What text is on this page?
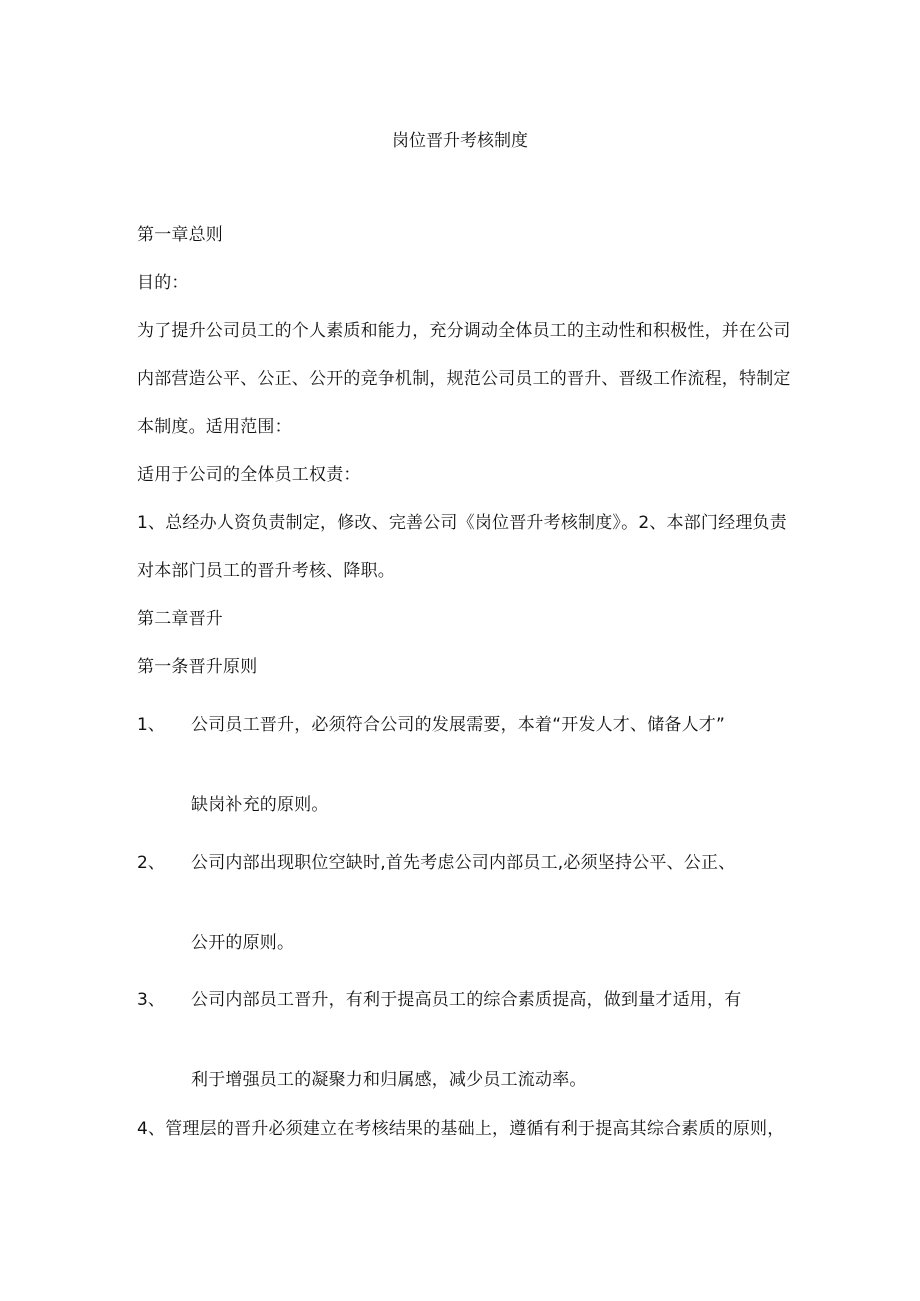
岗位晋升考核制度
第一章总则
目的：
为了提升公司员工的个人素质和能力，充分调动全体员工的主动性和积极性，并在公司
内部营造公平、公正、公开的竞争机制，规范公司员工的晋升、晋级工作流程，特制定
本制度。适用范围：
适用于公司的全体员工权责：
1、总经办人资负责制定，修改、完善公司《岗位晋升考核制度》。2、本部门经理负责
对本部门员工的晋升考核、降职。
第二章晋升
第一条晋升原则
1、 公司员工晋升，必须符合公司的发展需要，本着“开发人才、储备人才”
缺岗补充的原则。
2、 公司内部出现职位空缺时,首先考虑公司内部员工,必须坚持公平、公正、
公开的原则。
3、 公司内部员工晋升，有利于提高员工的综合素质提高，做到量才适用，有
利于增强员工的凝聚力和归属感，减少员工流动率。
4、管理层的晋升必须建立在考核结果的基础上，遵循有利于提高其综合素质的原则，
